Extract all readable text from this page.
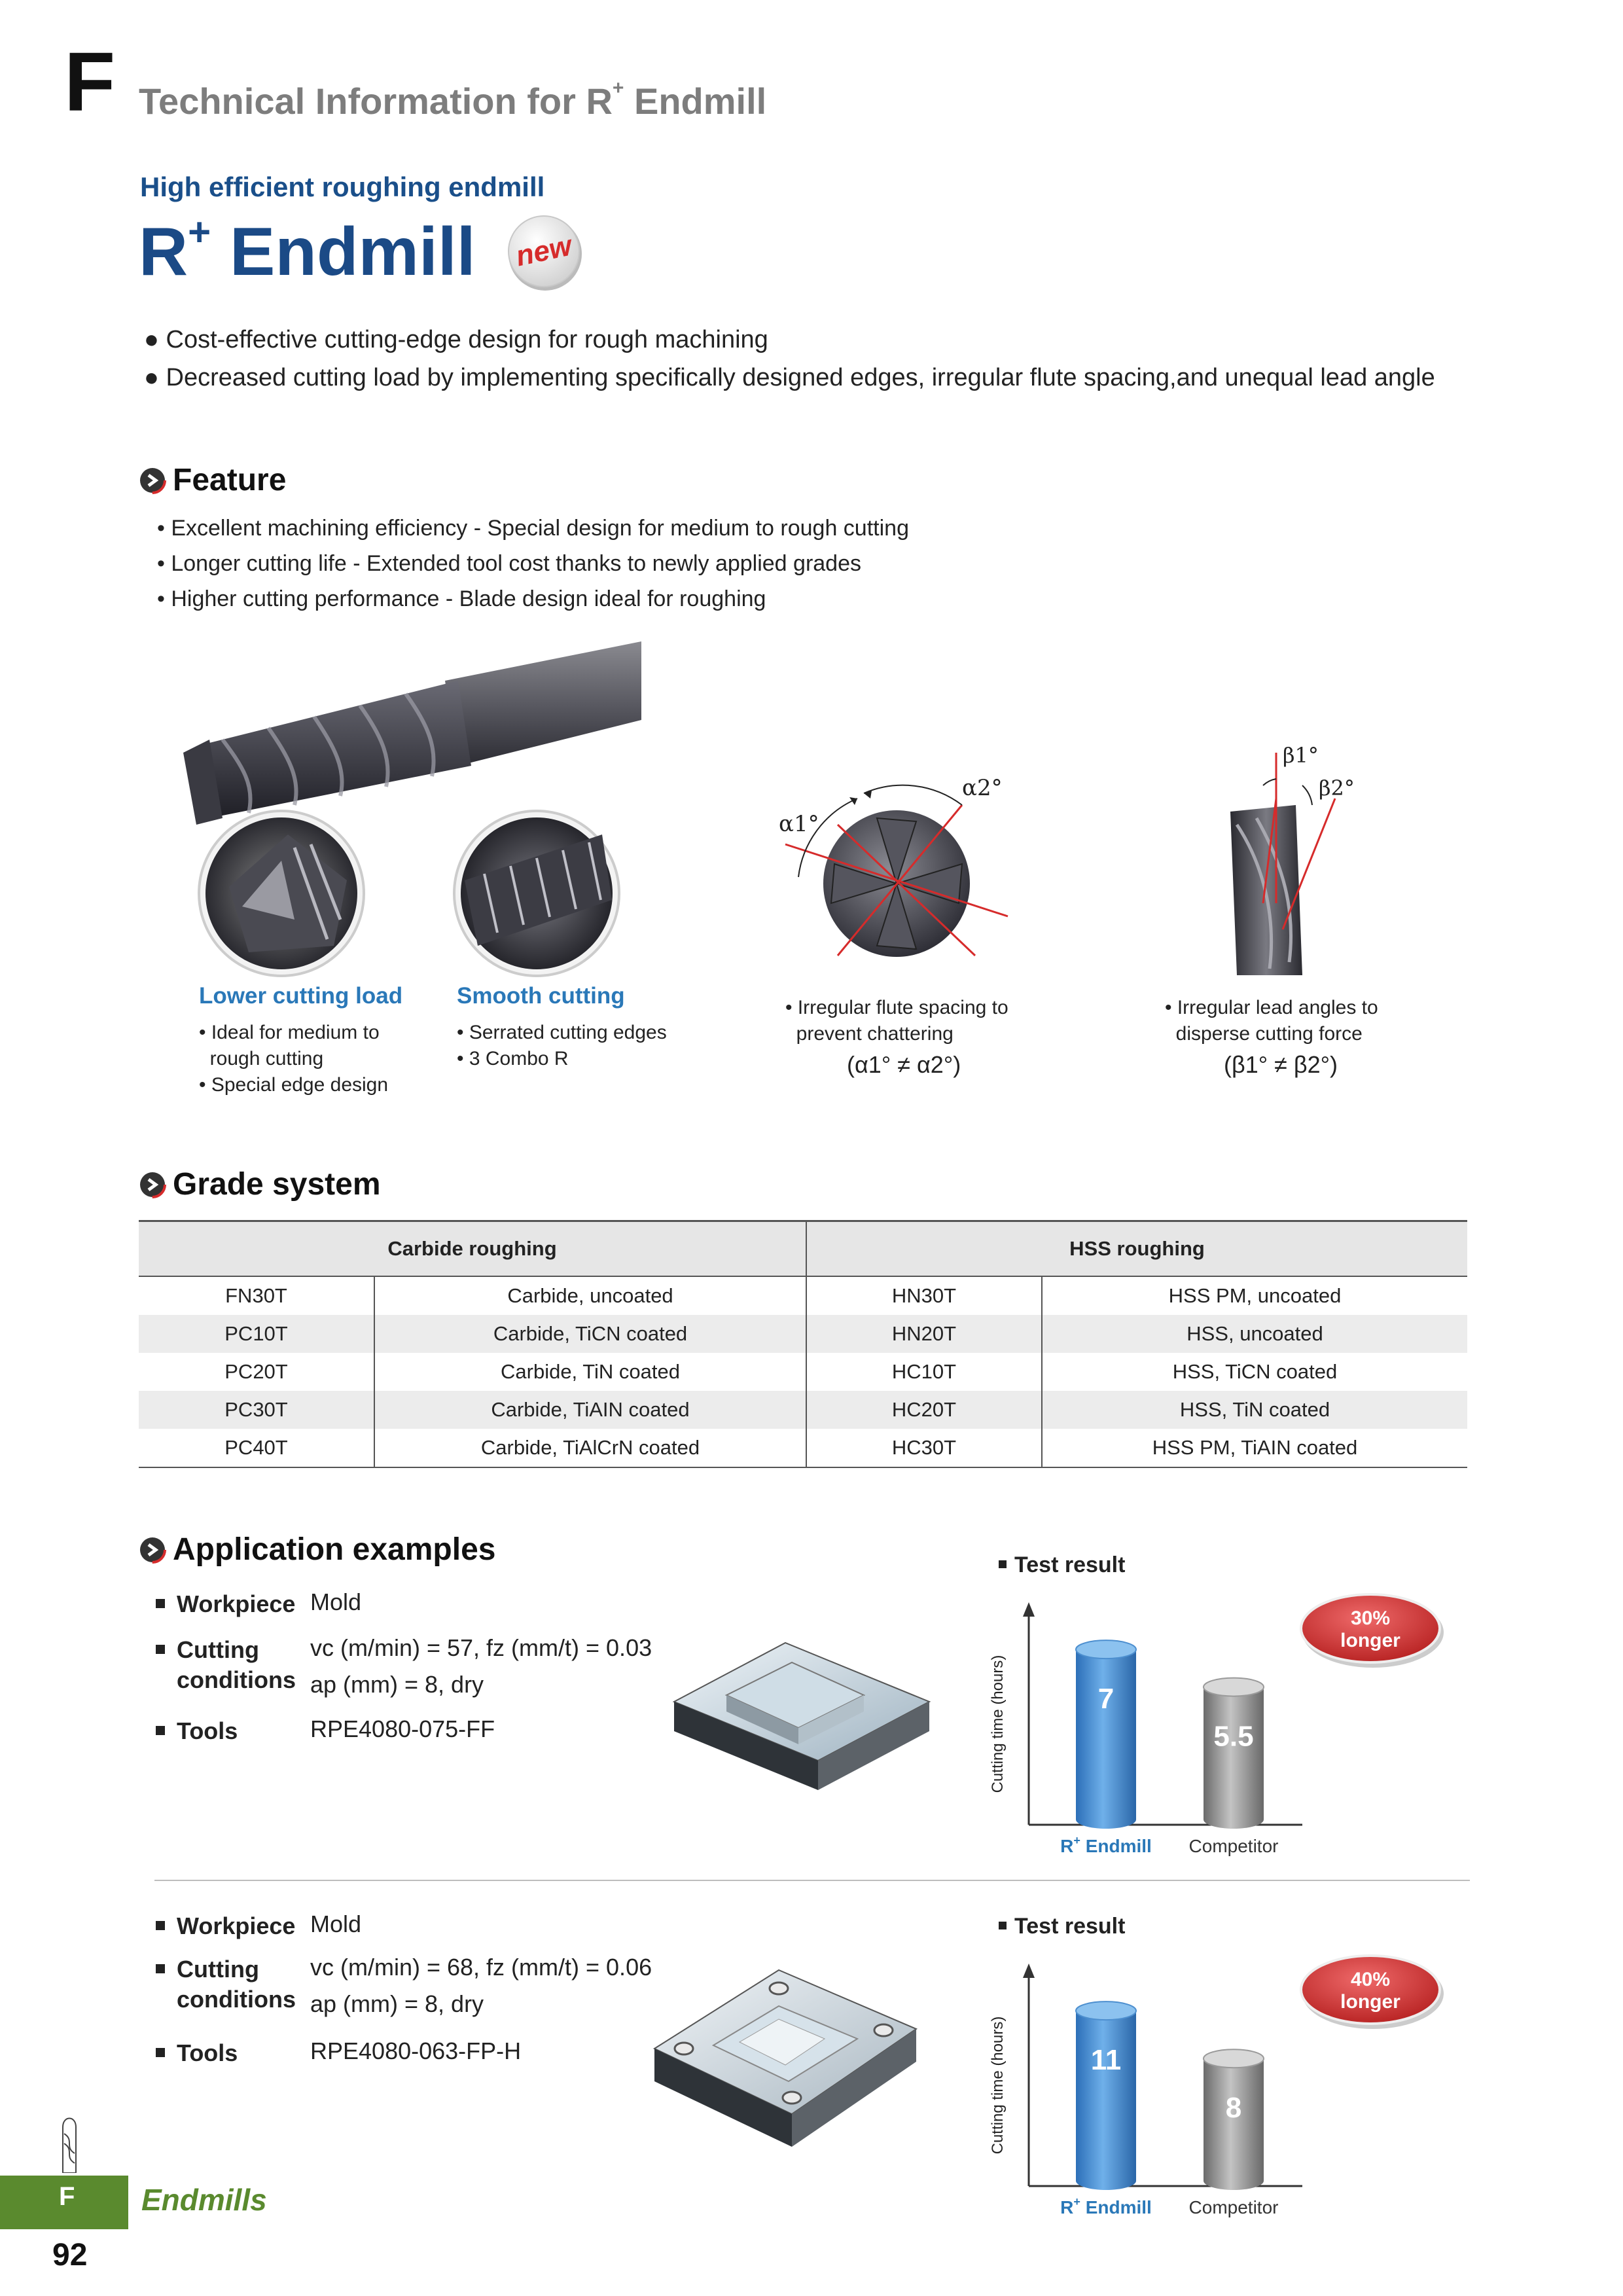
F Technical Information for R+ Endmill
High efficient roughing endmill
R+ Endmill new
● Cost-effective cutting-edge design for rough machining
● Decreased cutting load by implementing specifically designed edges, irregular flute spacing,and unequal lead angle
Feature
• Excellent machining efficiency - Special design for medium to rough cutting
• Longer cutting life - Extended tool cost thanks to newly applied grades
• Higher cutting performance - Blade design ideal for roughing
α1°
α2°
β1°
β2°
Lower cutting load
• Ideal for medium to
rough cutting
• Special edge design
Smooth cutting
• Serrated cutting edges
• 3 Combo R
• Irregular flute spacing to
prevent chattering
(α1° ≠ α2°)
• Irregular lead angles to
disperse cutting force
(β1° ≠ β2°)
Grade system
Carbide roughing		HSS roughing	
FN30T	Carbide, uncoated	HN30T	HSS PM, uncoated
PC10T	Carbide, TiCN coated	HN20T	HSS, uncoated
PC20T	Carbide, TiN coated	HC10T	HSS, TiCN coated
PC30T	Carbide, TiAIN coated	HC20T	HSS, TiN coated
PC40T	Carbide, TiAlCrN coated	HC30T	HSS PM, TiAIN coated
Application examples
Workpiece Mold
Cutting
conditions
vc (m/min) = 57, fz (mm/t) = 0.03
ap (mm) = 8, dry
Tools	RPE4080-075-FF
Test result
Cutting time (hours)	7
5.5
R+ Endmill Competitor
30%
longer
Workpiece Mold
Cutting
conditions
vc (m/min) = 68, fz (mm/t) = 0.06
ap (mm) = 8, dry
Tools	RPE4080-063-FP-H
Test result
Cutting time (hours)	11
8
R+ Endmill Competitor
40%
longer
F Endmills
92
